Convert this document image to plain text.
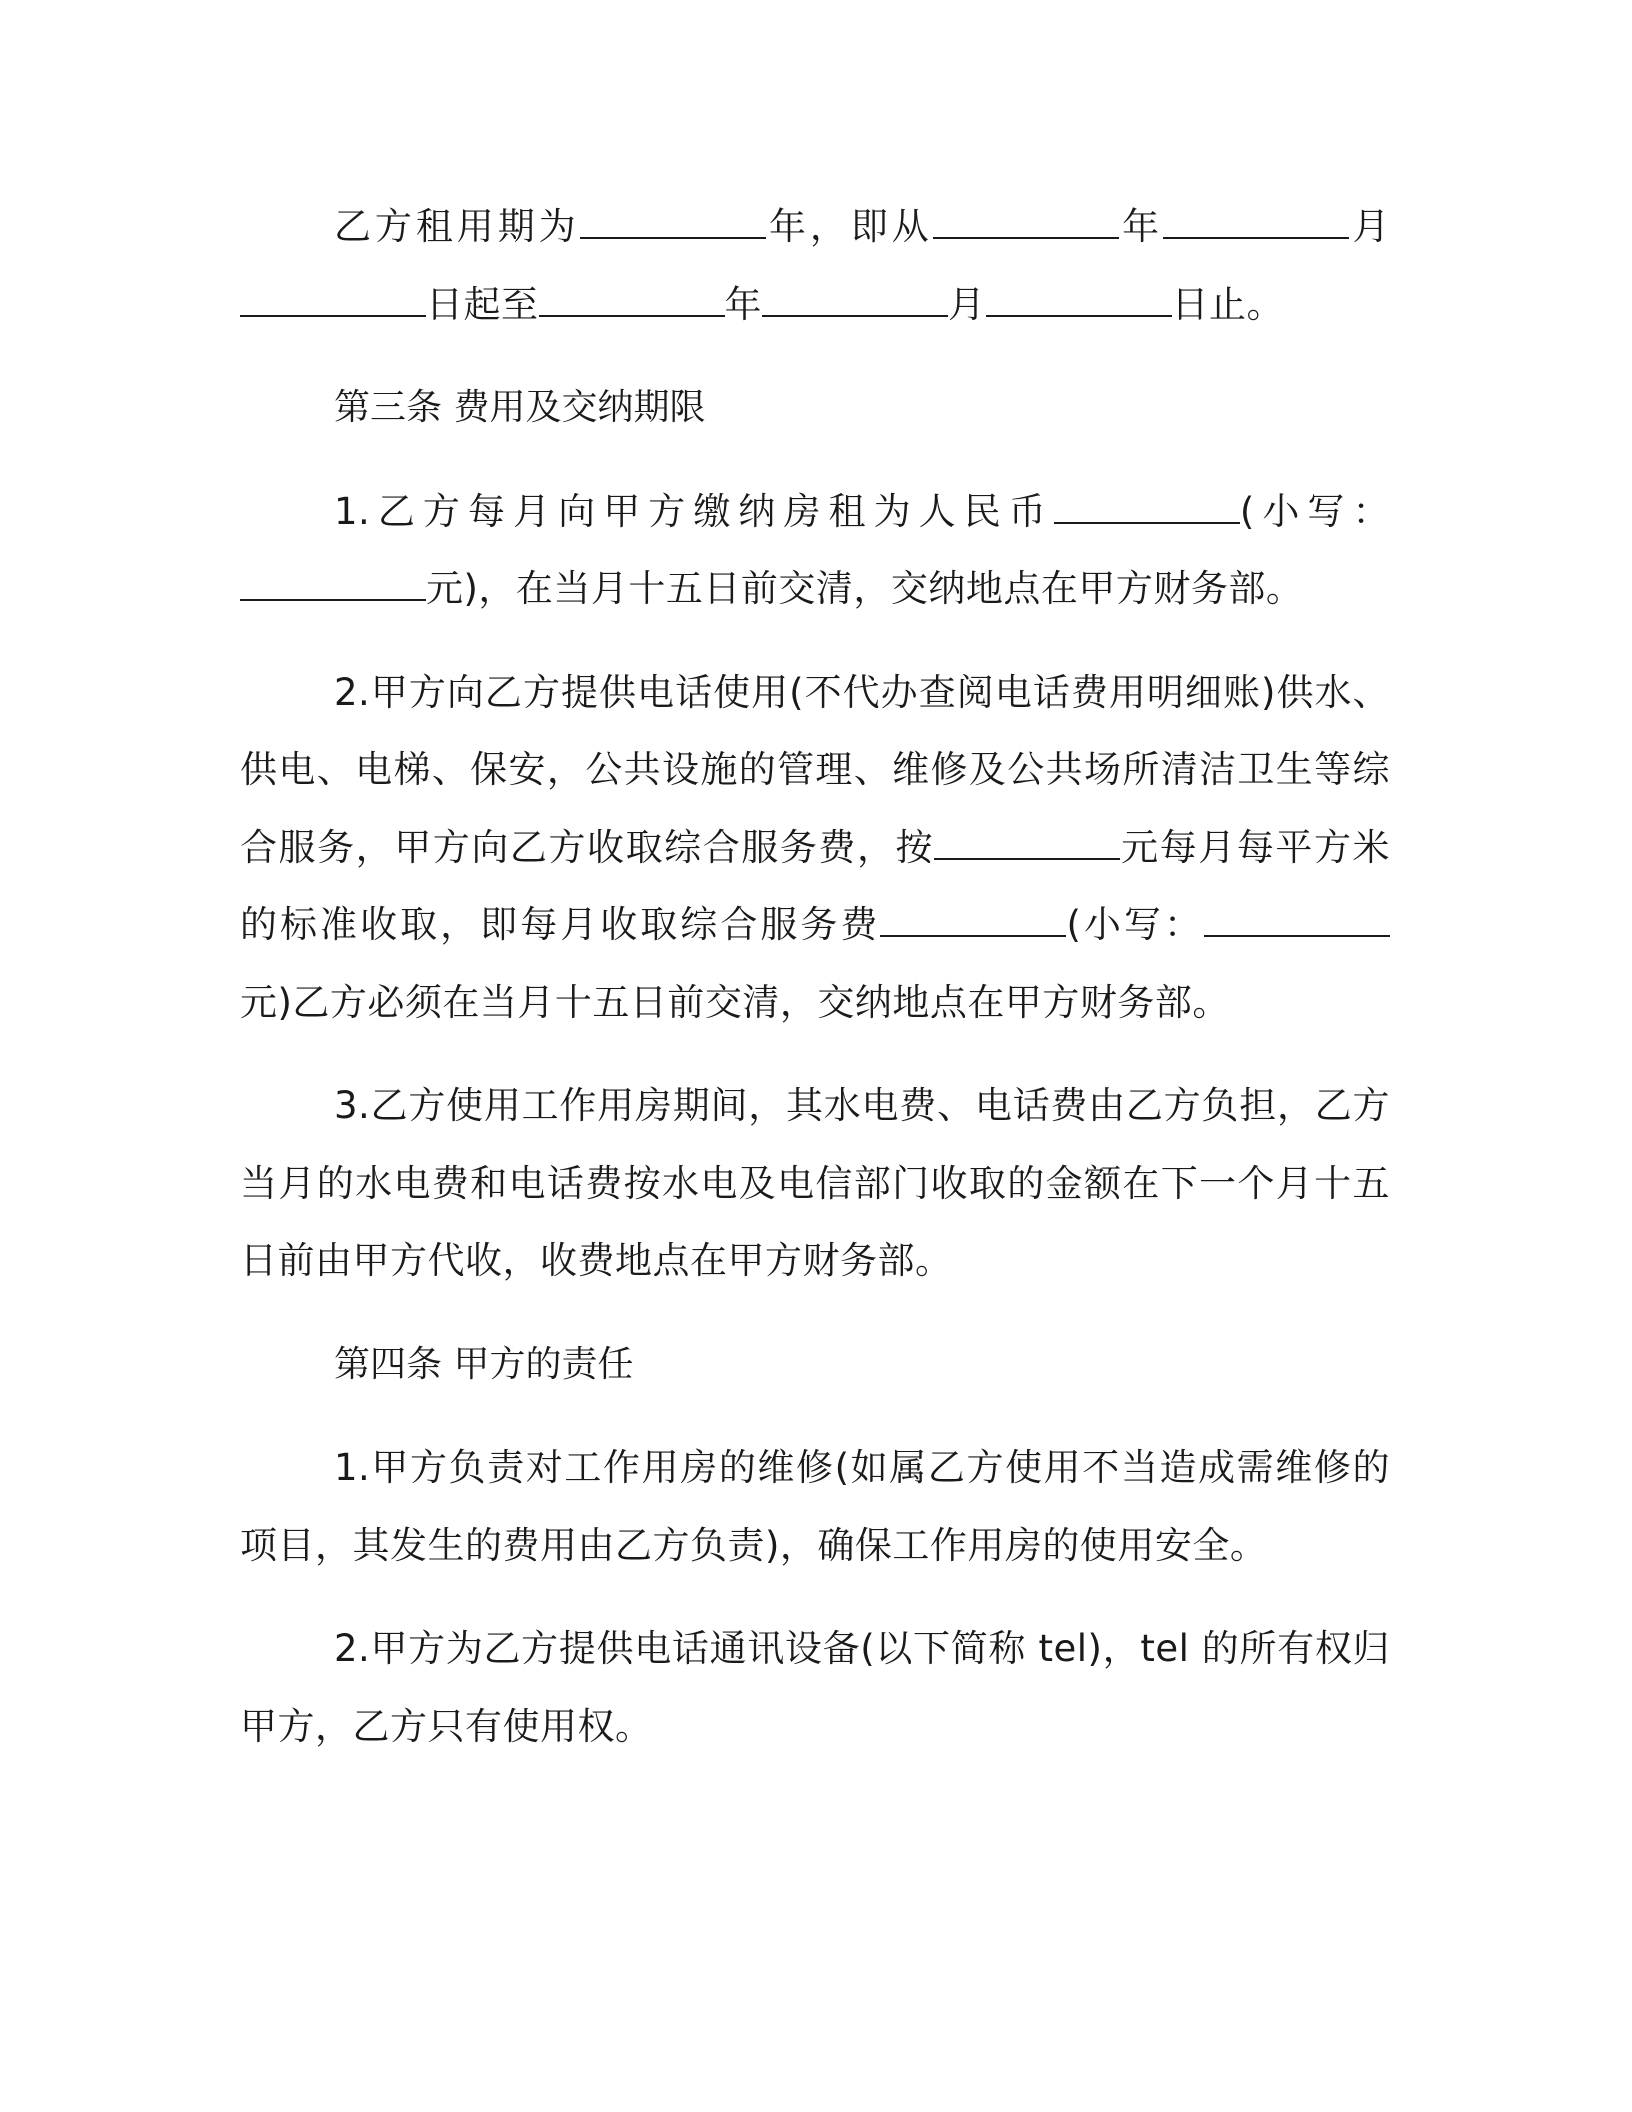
乙方租用期为	年，即从	年	月日起至	年	月	日止。

第三条 费用及交纳期限

1.乙方每月向甲方缴纳房租为人民币	(小写：元)，在当月十五日前交清，交纳地点在甲方财务部。

2.甲方向乙方提供电话使用(不代办查阅电话费用明细账)供水、供电、电梯、保安，公共设施的管理、维修及公共场所清洁卫生等综合服务，甲方向乙方收取综合服务费，按	元每月每平方米的标准收取，即每月收取综合服务费	(小写：元)乙方必须在当月十五日前交清，交纳地点在甲方财务部。

3.乙方使用工作用房期间，其水电费、电话费由乙方负担，乙方当月的水电费和电话费按水电及电信部门收取的金额在下一个月十五日前由甲方代收，收费地点在甲方财务部。

第四条 甲方的责任

1.甲方负责对工作用房的维修(如属乙方使用不当造成需维修的项目，其发生的费用由乙方负责)，确保工作用房的使用安全。

2.甲方为乙方提供电话通讯设备(以下简称 tel)，tel 的所有权归甲方，乙方只有使用权。
